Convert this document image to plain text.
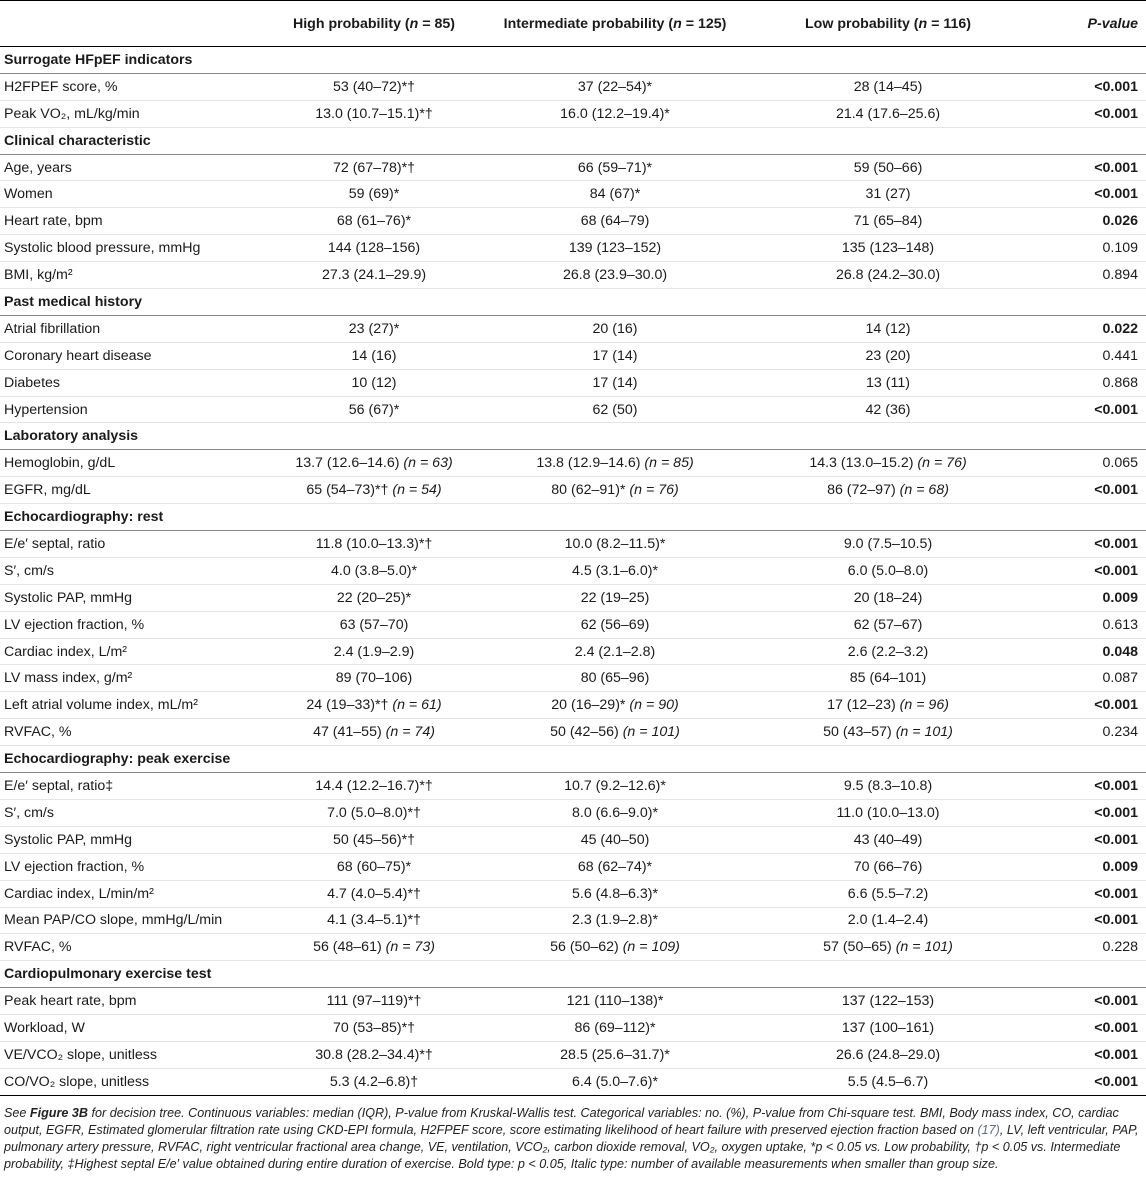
	High probability (n = 85)	Intermediate probability (n = 125)	Low probability (n = 116)	P-value
Surrogate HFpEF indicators				
H2FPEF score, %	53 (40–72)*†	37 (22–54)*	28 (14–45)	<0.001
Peak VO₂, mL/kg/min	13.0 (10.7–15.1)*†	16.0 (12.2–19.4)*	21.4 (17.6–25.6)	<0.001
Clinical characteristic				
Age, years	72 (67–78)*†	66 (59–71)*	59 (50–66)	<0.001
Women	59 (69)*	84 (67)*	31 (27)	<0.001
Heart rate, bpm	68 (61–76)*	68 (64–79)	71 (65–84)	0.026
Systolic blood pressure, mmHg	144 (128–156)	139 (123–152)	135 (123–148)	0.109
BMI, kg/m²	27.3 (24.1–29.9)	26.8 (23.9–30.0)	26.8 (24.2–30.0)	0.894
Past medical history				
Atrial fibrillation	23 (27)*	20 (16)	14 (12)	0.022
Coronary heart disease	14 (16)	17 (14)	23 (20)	0.441
Diabetes	10 (12)	17 (14)	13 (11)	0.868
Hypertension	56 (67)*	62 (50)	42 (36)	<0.001
Laboratory analysis				
Hemoglobin, g/dL	13.7 (12.6–14.6) (n = 63)	13.8 (12.9–14.6) (n = 85)	14.3 (13.0–15.2) (n = 76)	0.065
EGFR, mg/dL	65 (54–73)*† (n = 54)	80 (62–91)* (n = 76)	86 (72–97) (n = 68)	<0.001
Echocardiography: rest				
E/e′ septal, ratio	11.8 (10.0–13.3)*†	10.0 (8.2–11.5)*	9.0 (7.5–10.5)	<0.001
S′, cm/s	4.0 (3.8–5.0)*	4.5 (3.1–6.0)*	6.0 (5.0–8.0)	<0.001
Systolic PAP, mmHg	22 (20–25)*	22 (19–25)	20 (18–24)	0.009
LV ejection fraction, %	63 (57–70)	62 (56–69)	62 (57–67)	0.613
Cardiac index, L/m²	2.4 (1.9–2.9)	2.4 (2.1–2.8)	2.6 (2.2–3.2)	0.048
LV mass index, g/m²	89 (70–106)	80 (65–96)	85 (64–101)	0.087
Left atrial volume index, mL/m²	24 (19–33)*† (n = 61)	20 (16–29)* (n = 90)	17 (12–23) (n = 96)	<0.001
RVFAC, %	47 (41–55) (n = 74)	50 (42–56) (n = 101)	50 (43–57) (n = 101)	0.234
Echocardiography: peak exercise				
E/e′ septal, ratio‡	14.4 (12.2–16.7)*†	10.7 (9.2–12.6)*	9.5 (8.3–10.8)	<0.001
S′, cm/s	7.0 (5.0–8.0)*†	8.0 (6.6–9.0)*	11.0 (10.0–13.0)	<0.001
Systolic PAP, mmHg	50 (45–56)*†	45 (40–50)	43 (40–49)	<0.001
LV ejection fraction, %	68 (60–75)*	68 (62–74)*	70 (66–76)	0.009
Cardiac index, L/min/m²	4.7 (4.0–5.4)*†	5.6 (4.8–6.3)*	6.6 (5.5–7.2)	<0.001
Mean PAP/CO slope, mmHg/L/min	4.1 (3.4–5.1)*†	2.3 (1.9–2.8)*	2.0 (1.4–2.4)	<0.001
RVFAC, %	56 (48–61) (n = 73)	56 (50–62) (n = 109)	57 (50–65) (n = 101)	0.228
Cardiopulmonary exercise test				
Peak heart rate, bpm	111 (97–119)*†	121 (110–138)*	137 (122–153)	<0.001
Workload, W	70 (53–85)*†	86 (69–112)*	137 (100–161)	<0.001
VE/VCO₂ slope, unitless	30.8 (28.2–34.4)*†	28.5 (25.6–31.7)*	26.6 (24.8–29.0)	<0.001
CO/VO₂ slope, unitless	5.3 (4.2–6.8)†	6.4 (5.0–7.6)*	5.5 (4.5–6.7)	<0.001
See Figure 3B for decision tree. Continuous variables: median (IQR), P-value from Kruskal-Wallis test. Categorical variables: no. (%), P-value from Chi-square test. BMI, Body mass index, CO, cardiac output, EGFR, Estimated glomerular filtration rate using CKD-EPI formula, H2FPEF score, score estimating likelihood of heart failure with preserved ejection fraction based on (17), LV, left ventricular, PAP, pulmonary artery pressure, RVFAC, right ventricular fractional area change, VE, ventilation, VCO₂, carbon dioxide removal, VO₂, oxygen uptake, *p < 0.05 vs. Low probability, †p < 0.05 vs. Intermediate probability, ‡Highest septal E/e′ value obtained during entire duration of exercise. Bold type: p < 0.05, Italic type: number of available measurements when smaller than group size.
